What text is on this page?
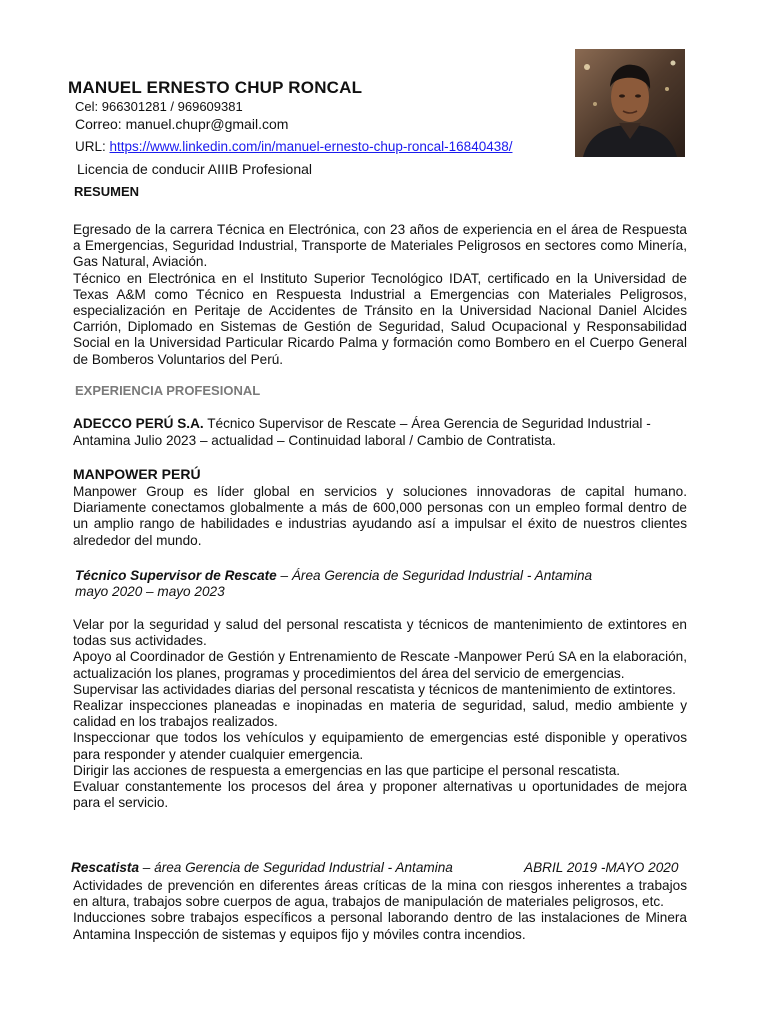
MANUEL ERNESTO CHUP RONCAL
Cel: 966301281 / 969609381
Correo: manuel.chupr@gmail.com
URL: https://www.linkedin.com/in/manuel-ernesto-chup-roncal-16840438/
Licencia de conducir AIIIB Profesional
RESUMEN

Egresado de la carrera Técnica en Electrónica, con 23 años de experiencia en el área de Respuesta a Emergencias, Seguridad Industrial, Transporte de Materiales Peligrosos en sectores como Minería, Gas Natural, Aviación.

Técnico en Electrónica en el Instituto Superior Tecnológico IDAT, certificado en la Universidad de Texas A&M como Técnico en Respuesta Industrial a Emergencias con Materiales Peligrosos, especialización en Peritaje de Accidentes de Tránsito en la Universidad Nacional Daniel Alcides Carrión, Diplomado en Sistemas de Gestión de Seguridad, Salud Ocupacional y Responsabilidad Social en la Universidad Particular Ricardo Palma y formación como Bombero en el Cuerpo General de Bomberos Voluntarios del Perú.

EXPERIENCIA PROFESIONAL
ADECCO PERÚ S.A. Técnico Supervisor de Rescate – Área Gerencia de Seguridad Industrial -
Antamina Julio 2023 – actualidad – Continuidad laboral / Cambio de Contratista.
MANPOWER PERÚ
Manpower Group es líder global en servicios y soluciones innovadoras de capital humano. Diariamente conectamos globalmente a más de 600,000 personas con un empleo formal dentro de un amplio rango de habilidades e industrias ayudando así a impulsar el éxito de nuestros clientes alrededor del mundo.
Técnico Supervisor de Rescate – Área Gerencia de Seguridad Industrial - Antamina
mayo 2020 – mayo 2023

Velar por la seguridad y salud del personal rescatista y técnicos de mantenimiento de extintores en todas sus actividades.

Apoyo al Coordinador de Gestión y Entrenamiento de Rescate -Manpower Perú SA en la elaboración, actualización los planes, programas y procedimientos del área del servicio de emergencias.

Supervisar las actividades diarias del personal rescatista y técnicos de mantenimiento de extintores.

Realizar inspecciones planeadas e inopinadas en materia de seguridad, salud, medio ambiente y calidad en los trabajos realizados.

Inspeccionar que todos los vehículos y equipamiento de emergencias esté disponible y operativos para responder y atender cualquier emergencia.

Dirigir las acciones de respuesta a emergencias en las que participe el personal rescatista.

Evaluar constantemente los procesos del área y proponer alternativas u oportunidades de mejora para el servicio.

Rescatista – área Gerencia de Seguridad Industrial - Antamina	ABRIL 2019 -MAYO 2020

Actividades de prevención en diferentes áreas críticas de la mina con riesgos inherentes a trabajos en altura, trabajos sobre cuerpos de agua, trabajos de manipulación de materiales peligrosos, etc.

Inducciones sobre trabajos específicos a personal laborando dentro de las instalaciones de Minera Antamina Inspección de sistemas y equipos fijo y móviles contra incendios.
